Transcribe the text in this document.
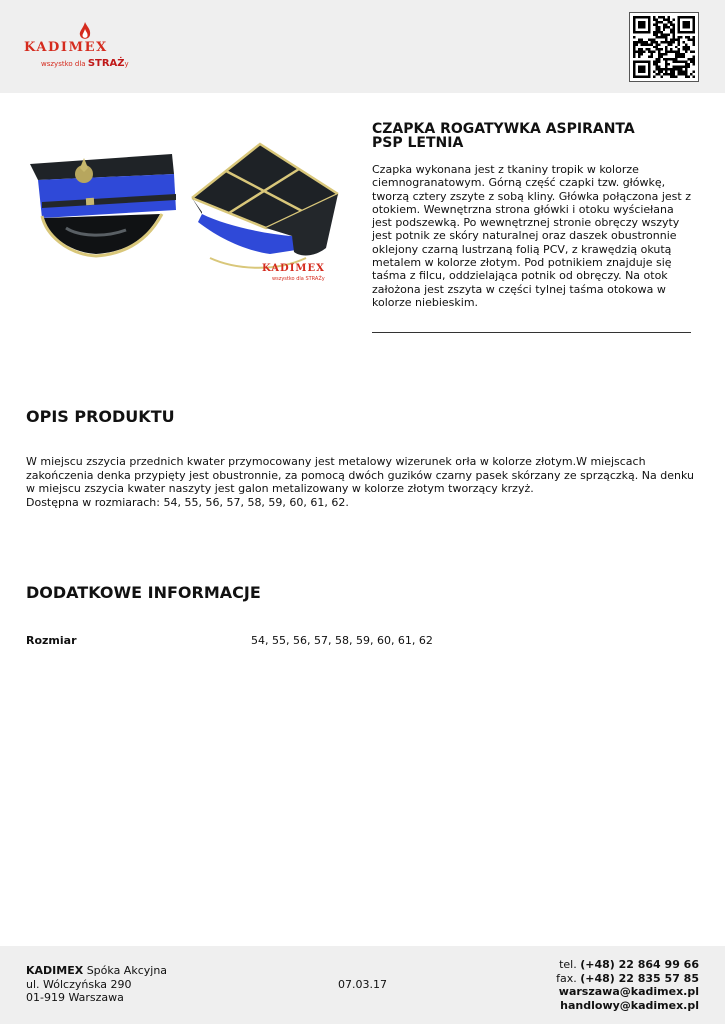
KADIMEX
wszystko dla STRAŻy
KADIMEX
wszystko dla STRAŻy
CZAPKA ROGATYWKA ASPIRANTA
PSP LETNIA
Czapka wykonana jest z tkaniny tropik w kolorze ciemnogranatowym. Górną część czapki tzw. główkę, tworzą cztery zszyte z sobą kliny. Główka połączona jest z otokiem. Wewnętrzna strona główki i otoku wyściełana jest podszewką. Po wewnętrznej stronie obręczy wszyty jest potnik ze skóry naturalnej oraz daszek obustronnie oklejony czarną lustrzaną folią PCV, z krawędzią okutą metalem w kolorze złotym. Pod potnikiem znajduje się taśma z filcu, oddzielająca potnik od obręczy. Na otok założona jest zszyta w części tylnej taśma otokowa w kolorze niebieskim.
OPIS PRODUKTU
W miejscu zszycia przednich kwater przymocowany jest metalowy wizerunek orła w kolorze złotym.W miejscach
zakończenia denka przypięty jest obustronnie, za pomocą dwóch guzików czarny pasek skórzany ze sprzączką. Na denku
w miejscu zszycia kwater naszyty jest galon metalizowany w kolorze złotym tworzący krzyż.
Dostępna w rozmiarach: 54, 55, 56, 57, 58, 59, 60, 61, 62.
DODATKOWE INFORMACJE
Rozmiar	54, 55, 56, 57, 58, 59, 60, 61, 62
KADIMEX Spóka Akcyjna
ul. Wólczyńska 290
01-919 Warszawa
07.03.17
tel. (+48) 22 864 99 66
fax. (+48) 22 835 57 85
warszawa@kadimex.pl
handlowy@kadimex.pl
